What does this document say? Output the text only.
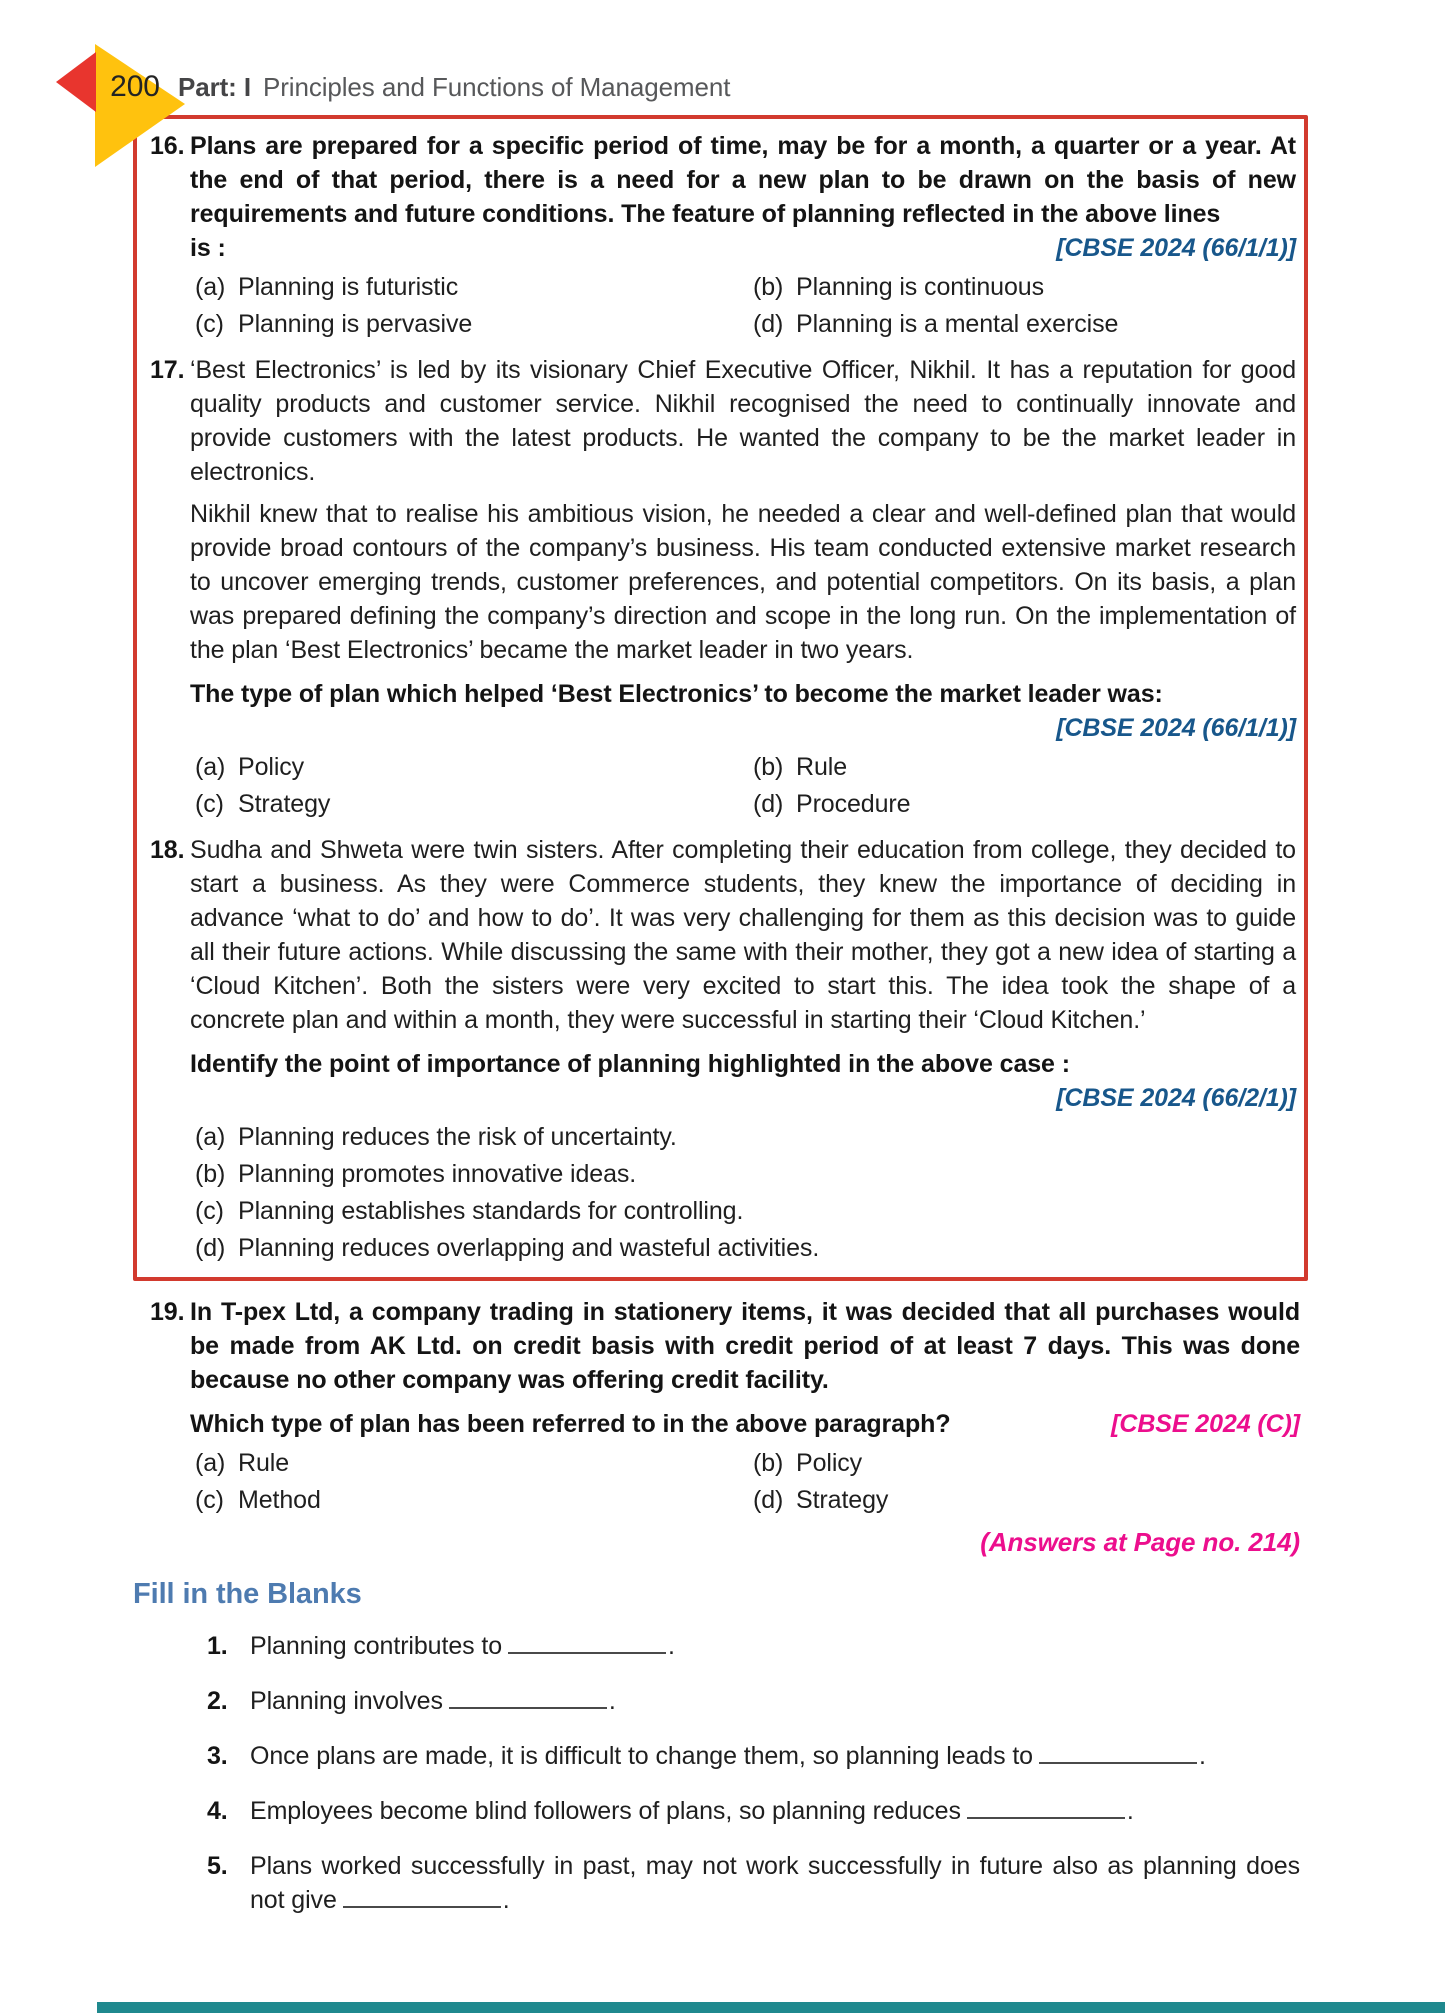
200 Part: I Principles and Functions of Management
16. Plans are prepared for a specific period of time, may be for a month, a quarter or a year. At the end of that period, there is a need for a new plan to be drawn on the basis of new requirements and future conditions. The feature of planning reflected in the above lines

is :	[CBSE 2024 (66/1/1)]
(a) Planning is futuristic	(b) Planning is continuous
(c) Planning is pervasive	(d) Planning is a mental exercise
17. ‘Best Electronics’ is led by its visionary Chief Executive Officer, Nikhil. It has a reputation for good quality products and customer service. Nikhil recognised the need to continually innovate and provide customers with the latest products. He wanted the company to be the market leader in electronics.

Nikhil knew that to realise his ambitious vision, he needed a clear and well-defined plan that would provide broad contours of the company’s business. His team conducted extensive market research to uncover emerging trends, customer preferences, and potential competitors. On its basis, a plan was prepared defining the company’s direction and scope in the long run. On the implementation of the plan ‘Best Electronics’ became the market leader in two years.

The type of plan which helped ‘Best Electronics’ to become the market leader was:

[CBSE 2024 (66/1/1)]
(a) Policy	(b) Rule
(c) Strategy	(d) Procedure
18. Sudha and Shweta were twin sisters. After completing their education from college, they decided to start a business. As they were Commerce students, they knew the importance of deciding in advance ‘what to do’ and how to do’. It was very challenging for them as this decision was to guide all their future actions. While discussing the same with their mother, they got a new idea of starting a ‘Cloud Kitchen’. Both the sisters were very excited to start this. The idea took the shape of a concrete plan and within a month, they were successful in starting their ‘Cloud Kitchen.’

Identify the point of importance of planning highlighted in the above case :

[CBSE 2024 (66/2/1)]
(a) Planning reduces the risk of uncertainty.
(b) Planning promotes innovative ideas.
(c) Planning establishes standards for controlling.
(d) Planning reduces overlapping and wasteful activities.
19. In T-pex Ltd, a company trading in stationery items, it was decided that all purchases would be made from AK Ltd. on credit basis with credit period of at least 7 days. This was done because no other company was offering credit facility.

Which type of plan has been referred to in the above paragraph?	[CBSE 2024 (C)]
(a) Rule	(b) Policy
(c) Method	(d) Strategy
(Answers at Page no. 214)
Fill in the Blanks
1. Planning contributes to	.
2. Planning involves	.
3. Once plans are made, it is difficult to change them, so planning leads to	.
4. Employees become blind followers of plans, so planning reduces	.
5. Plans worked successfully in past, may not work successfully in future also as planning does not give	.
